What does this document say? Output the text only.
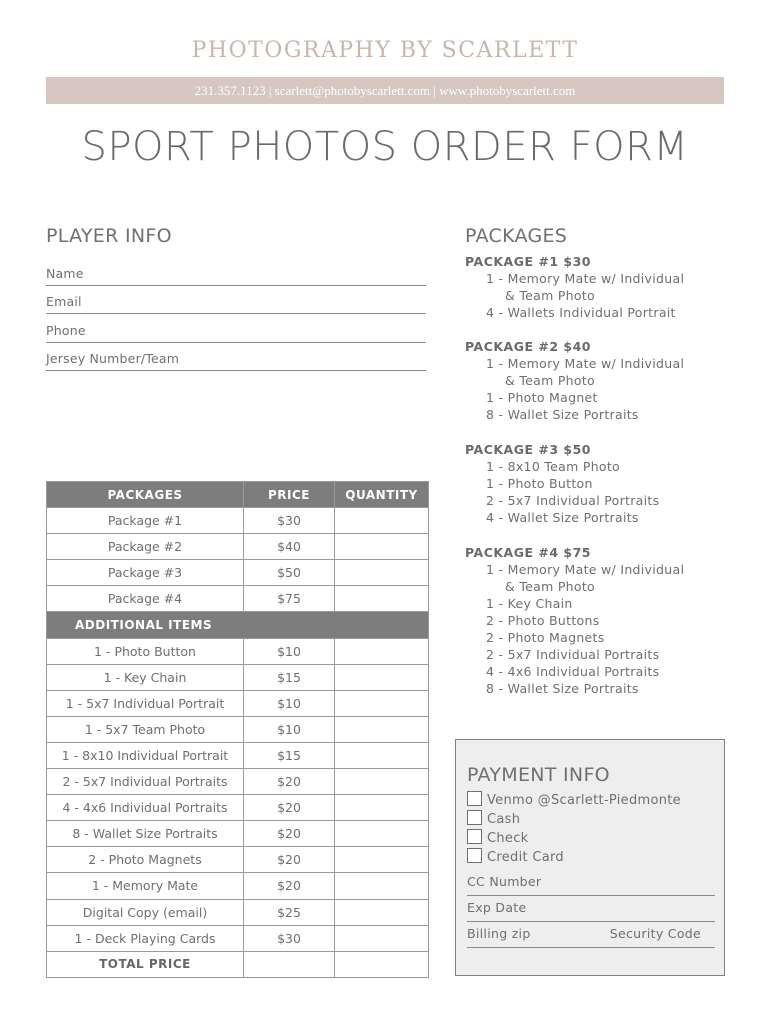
PHOTOGRAPHY BY SCARLETT
231.357.1123 | scarlett@photobyscarlett.com | www.photobyscarlett.com
SPORT PHOTOS ORDER FORM
PLAYER INFO
Name
Email
Phone
Jersey Number/Team
PACKAGES
PACKAGE #1 $30
1 - Memory Mate w/ Individual
& Team Photo
4 - Wallets Individual Portrait
PACKAGE #2 $40
1 - Memory Mate w/ Individual
& Team Photo
1 - Photo Magnet
8 - Wallet Size Portraits
PACKAGE #3 $50
1 - 8x10 Team Photo
1 - Photo Button
2 - 5x7 Individual Portraits
4 - Wallet Size Portraits
PACKAGE #4 $75
1 - Memory Mate w/ Individual
& Team Photo
1 - Key Chain
2 - Photo Buttons
2 - Photo Magnets
2 - 5x7 Individual Portraits
4 - 4x6 Individual Portraits
8 - Wallet Size Portraits
PACKAGES	PRICE	QUANTITY
Package #1	$30	
Package #2	$40	
Package #3	$50	
Package #4	$75	
ADDITIONAL ITEMS		
1 - Photo Button	$10	
1 - Key Chain	$15	
1 - 5x7 Individual Portrait	$10	
1 - 5x7 Team Photo	$10	
1 - 8x10 Individual Portrait	$15	
2 - 5x7 Individual Portraits	$20	
4 - 4x6 Individual Portraits	$20	
8 - Wallet Size Portraits	$20	
2 - Photo Magnets	$20	
1 - Memory Mate	$20	
Digital Copy (email)	$25	
1 - Deck Playing Cards	$30	
TOTAL PRICE		
PAYMENT INFO
Venmo @Scarlett-Piedmonte
Cash
Check
Credit Card
CC Number
Exp Date
Billing zip	Security Code
